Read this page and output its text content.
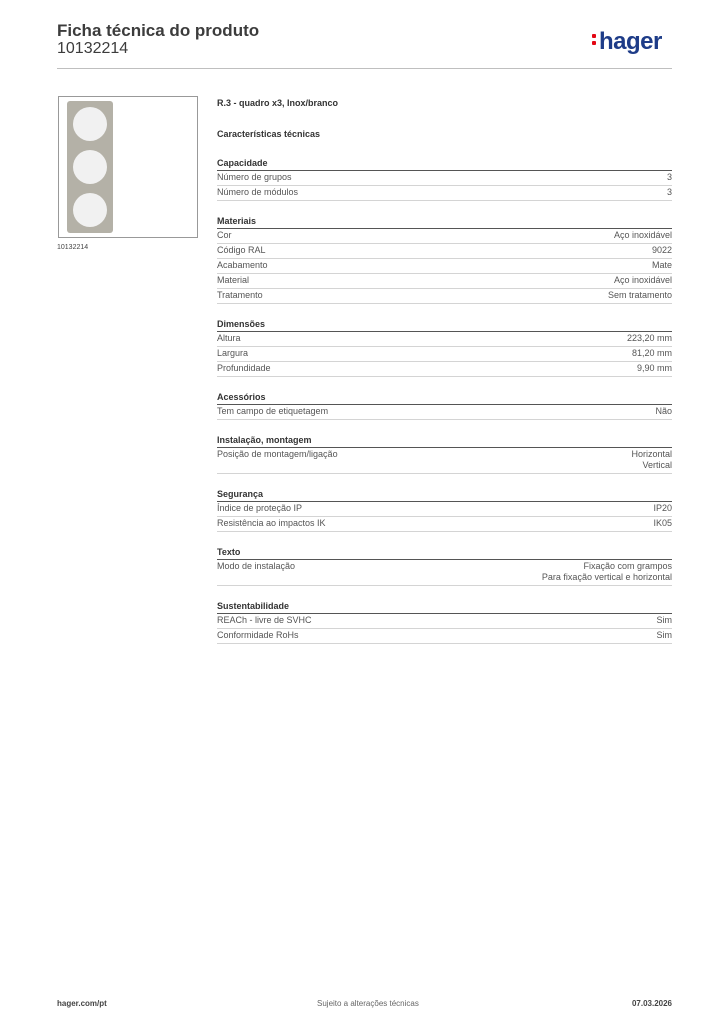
Ficha técnica do produto
10132214	hager
10132214
R.3 - quadro x3, Inox/branco
Características técnicas
Capacidade
Número de grupos	3
Número de módulos	3
Materiais
Cor	Aço inoxidável
Código RAL	9022
Acabamento	Mate
Material	Aço inoxidável
Tratamento	Sem tratamento
Dimensões
Altura	223,20 mm
Largura	81,20 mm
Profundidade	9,90 mm
Acessórios
Tem campo de etiquetagem	Não
Instalação, montagem
Posição de montagem/ligação	Horizontal
Vertical
Segurança
Índice de proteção IP	IP20
Resistência ao impactos IK	IK05
Texto
Modo de instalação	Fixação com grampos
Para fixação vertical e horizontal
Sustentabilidade
REACh - livre de SVHC	Sim
Conformidade RoHs	Sim
hager.com/pt	Sujeito a alterações técnicas	07.03.2026
